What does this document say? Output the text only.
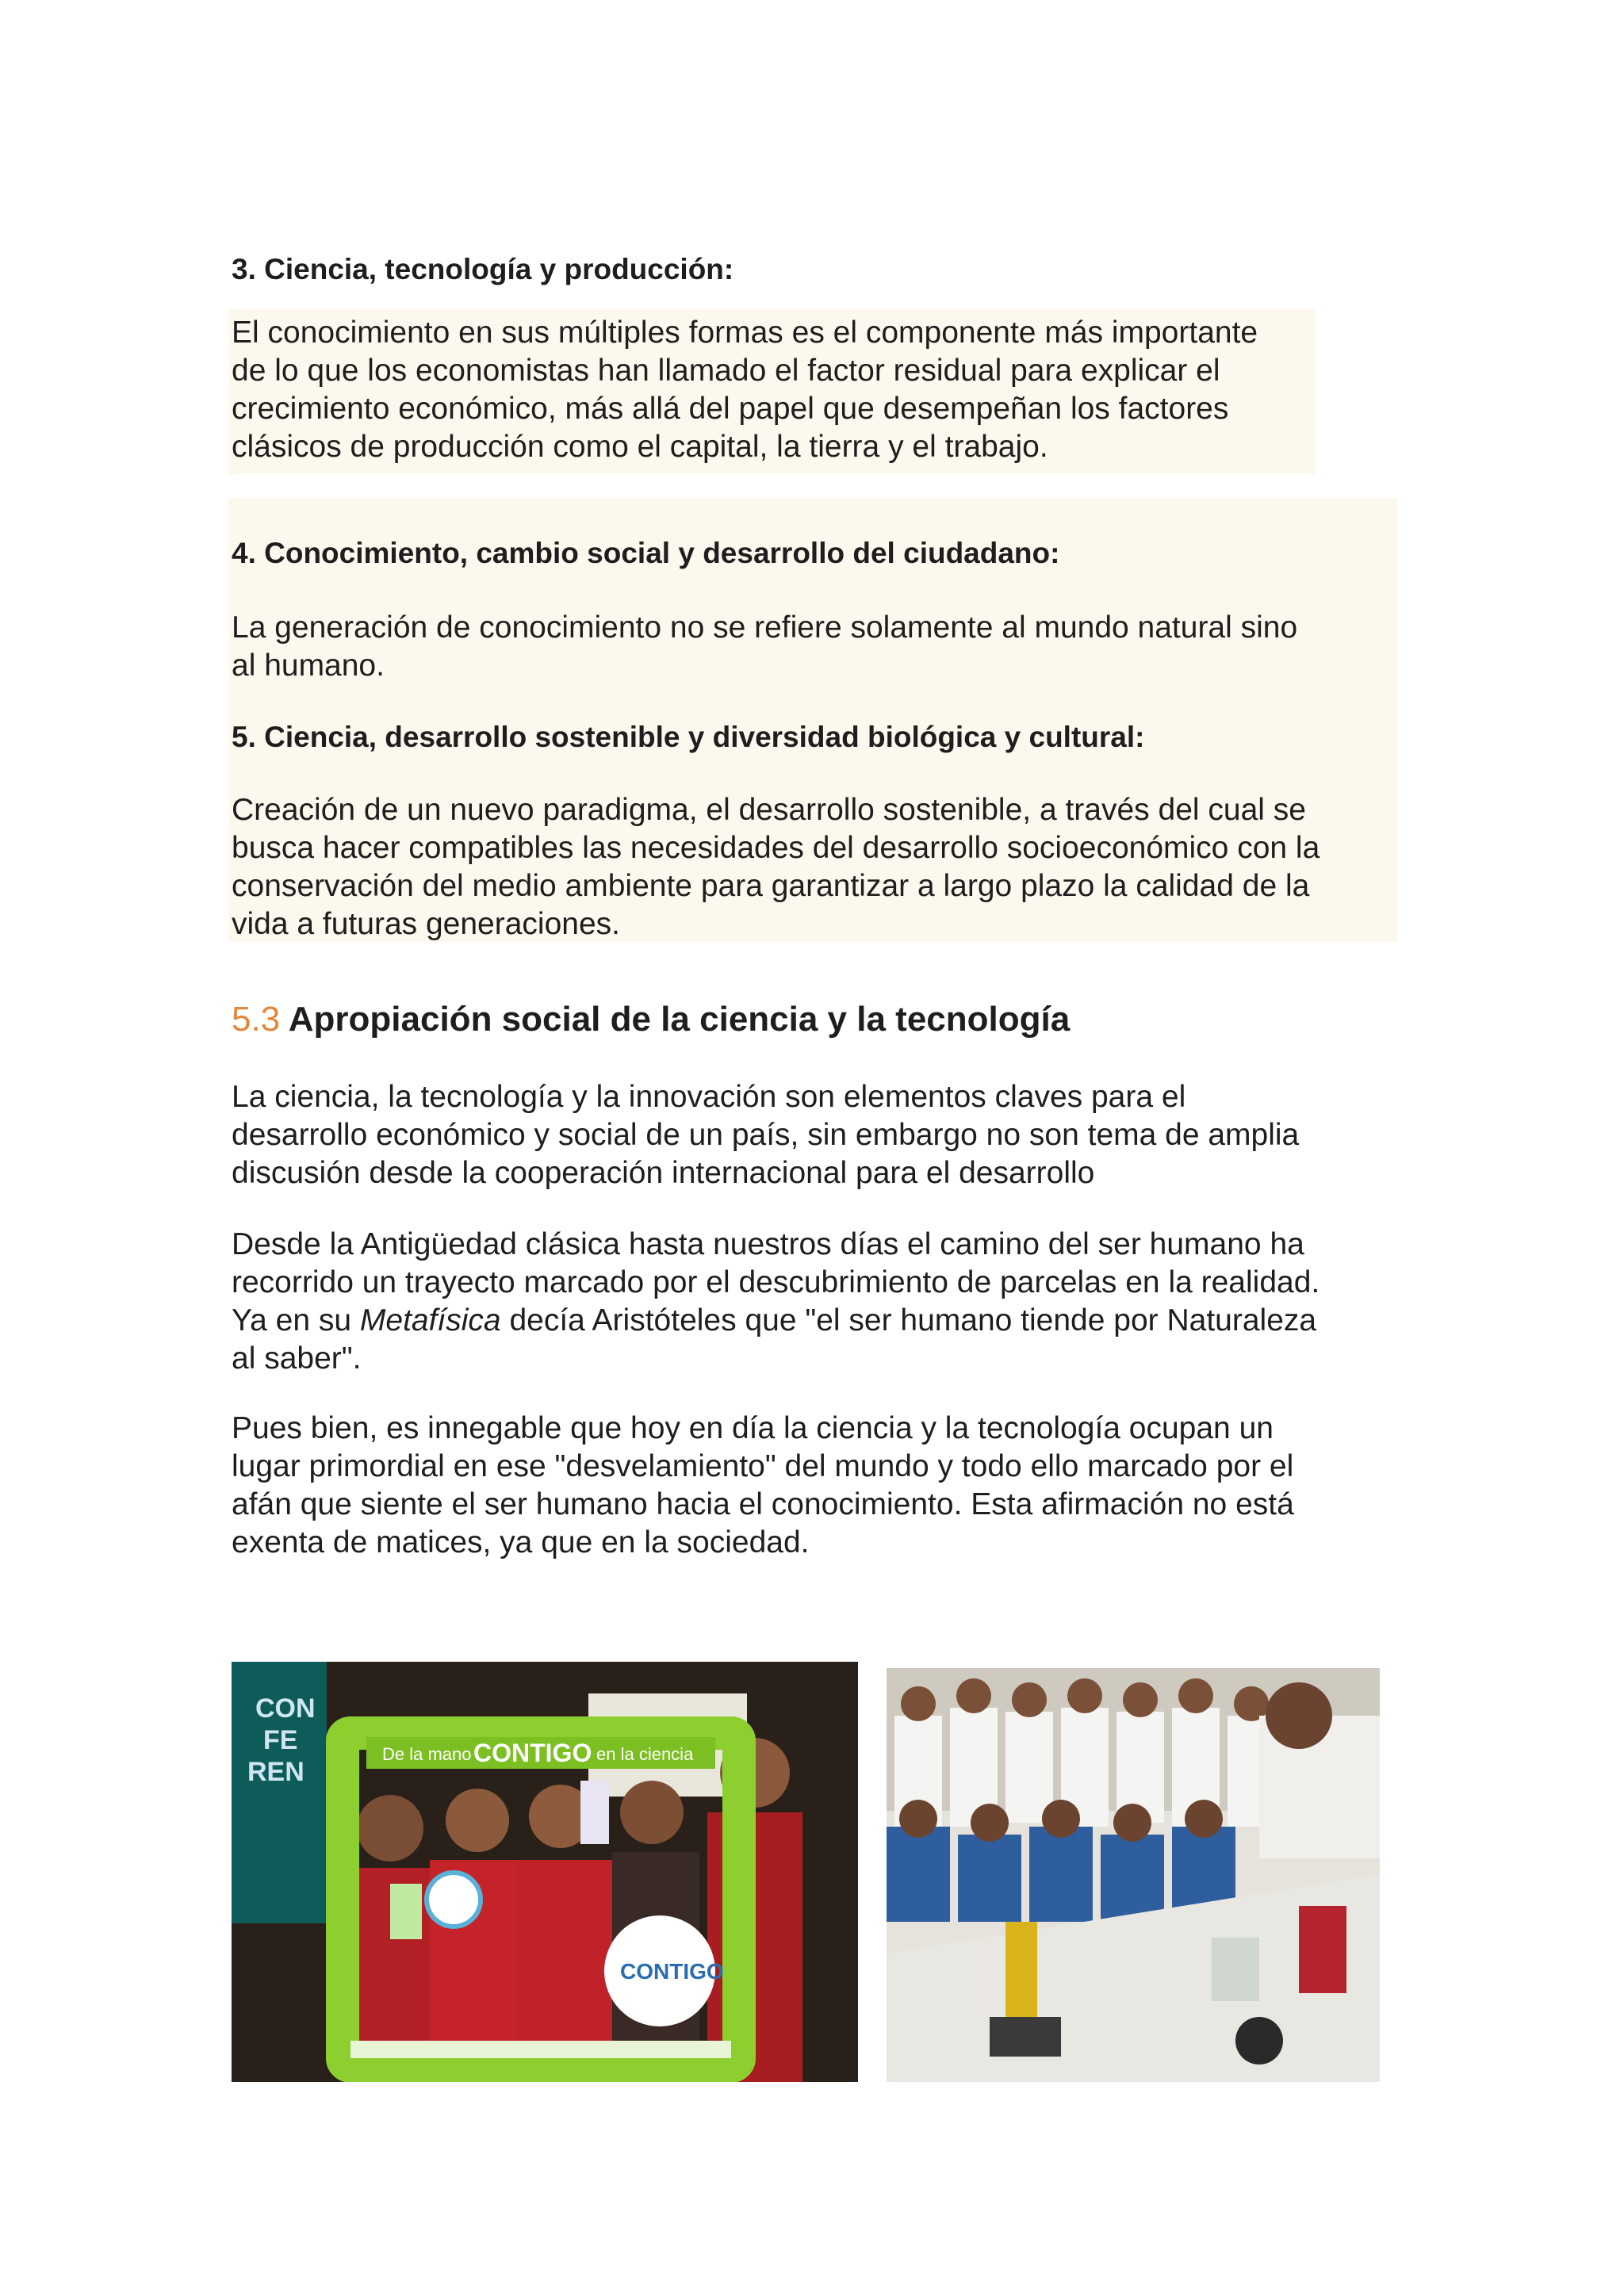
3. Ciencia, tecnología y producción:

El conocimiento en sus múltiples formas es el componente más importante

de lo que los economistas han llamado el factor residual para explicar el

crecimiento económico, más allá del papel que desempeñan los factores

clásicos de producción como el capital, la tierra y el trabajo.

4. Conocimiento, cambio social y desarrollo del ciudadano:

La generación de conocimiento no se refiere solamente al mundo natural sino

al humano.

5. Ciencia, desarrollo sostenible y diversidad biológica y cultural:

Creación de un nuevo paradigma, el desarrollo sostenible, a través del cual se

busca hacer compatibles las necesidades del desarrollo socioeconómico con la

conservación del medio ambiente para garantizar a largo plazo la calidad de la

vida a futuras generaciones.

5.3 Apropiación social de la ciencia y la tecnología

La ciencia, la tecnología y la innovación son elementos claves para el

desarrollo económico y social de un país, sin embargo no son tema de amplia

discusión desde la cooperación internacional para el desarrollo

Desde la Antigüedad clásica hasta nuestros días el camino del ser humano ha

recorrido un trayecto marcado por el descubrimiento de parcelas en la realidad.

Ya en su Metafísica decía Aristóteles que "el ser humano tiende por Naturaleza

al saber".

Pues bien, es innegable que hoy en día la ciencia y la tecnología ocupan un

lugar primordial en ese "desvelamiento" del mundo y todo ello marcado por el

afán que siente el ser humano hacia el conocimiento. Esta afirmación no está

exenta de matices, ya que en la sociedad.

CON
FE
REN
De la mano CONTIGO en la ciencia
CONTIGO
